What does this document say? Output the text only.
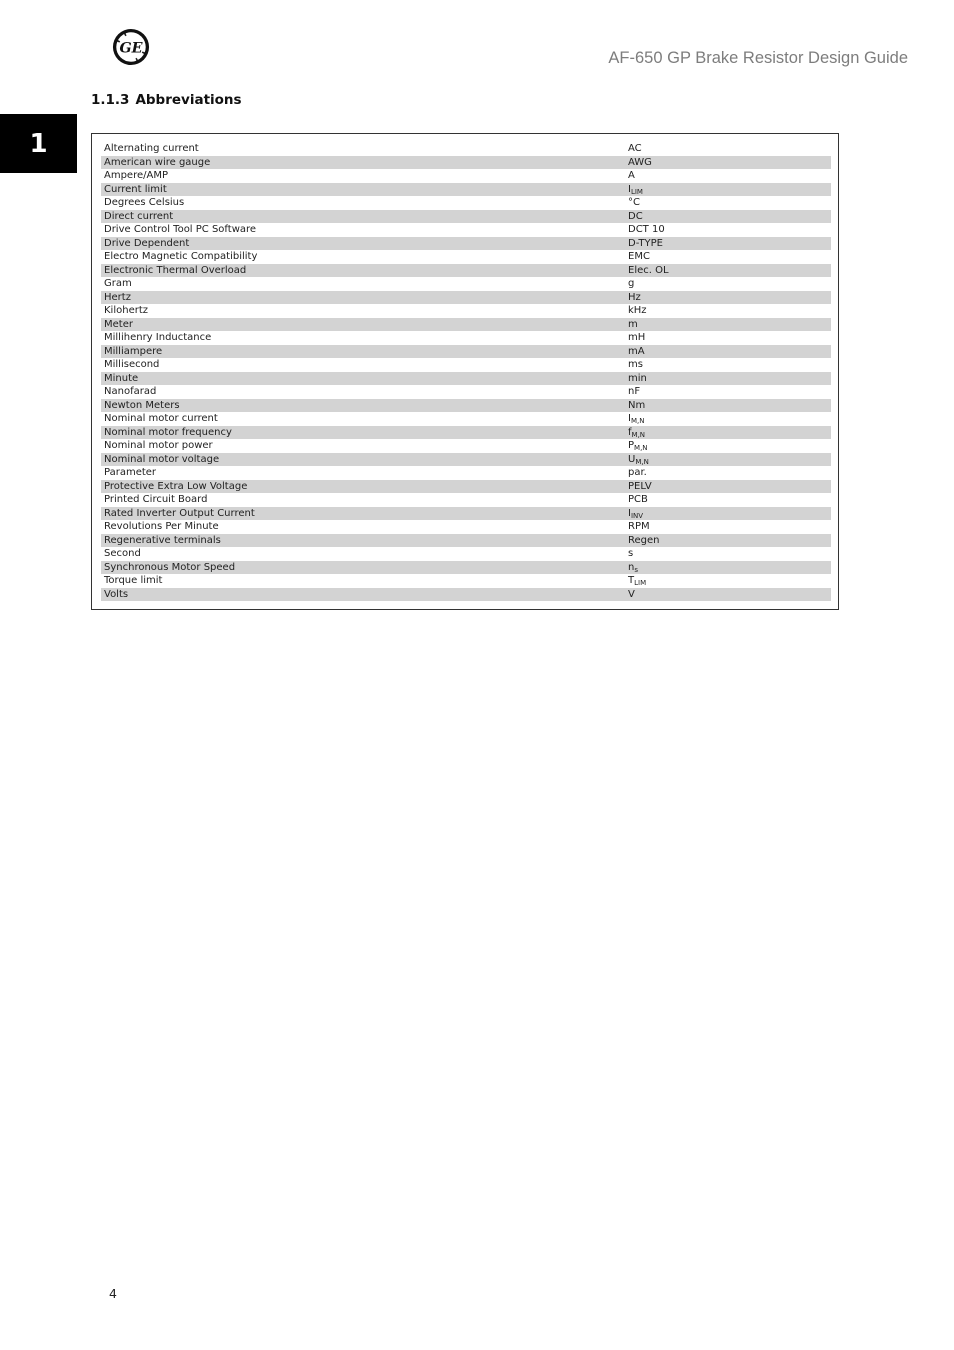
GE
AF-650 GP Brake Resistor Design Guide
1.1.3 Abbreviations
1	Alternating current	AC
American wire gauge	AWG
Ampere/AMP	A
Current limit	$I_{LIM}$
Degrees Celsius	°C
Direct current	DC
Drive Control Tool PC Software	DCT 10
Drive Dependent	D-TYPE
Electro Magnetic Compatibility	EMC
Electronic Thermal Overload	Elec. OL
Gram	g
Hertz	Hz
Kilohertz	kHz
Meter	m
Millihenry Inductance	mH
Milliampere	mA
Millisecond	ms
Minute	min
Nanofarad	nF
Newton Meters	Nm
Nominal motor current	$I_{M,N}$
Nominal motor frequency	$f_{M,N}$
Nominal motor power	$P_{M,N}$
Nominal motor voltage	$U_{M,N}$
Parameter	par.
Protective Extra Low Voltage	PELV
Printed Circuit Board	PCB
Rated Inverter Output Current	$I_{INV}$
Revolutions Per Minute	RPM
Regenerative terminals	Regen
Second	s
Synchronous Motor Speed	$n_s$
Torque limit	$T_{LIM}$
Volts	V
4
